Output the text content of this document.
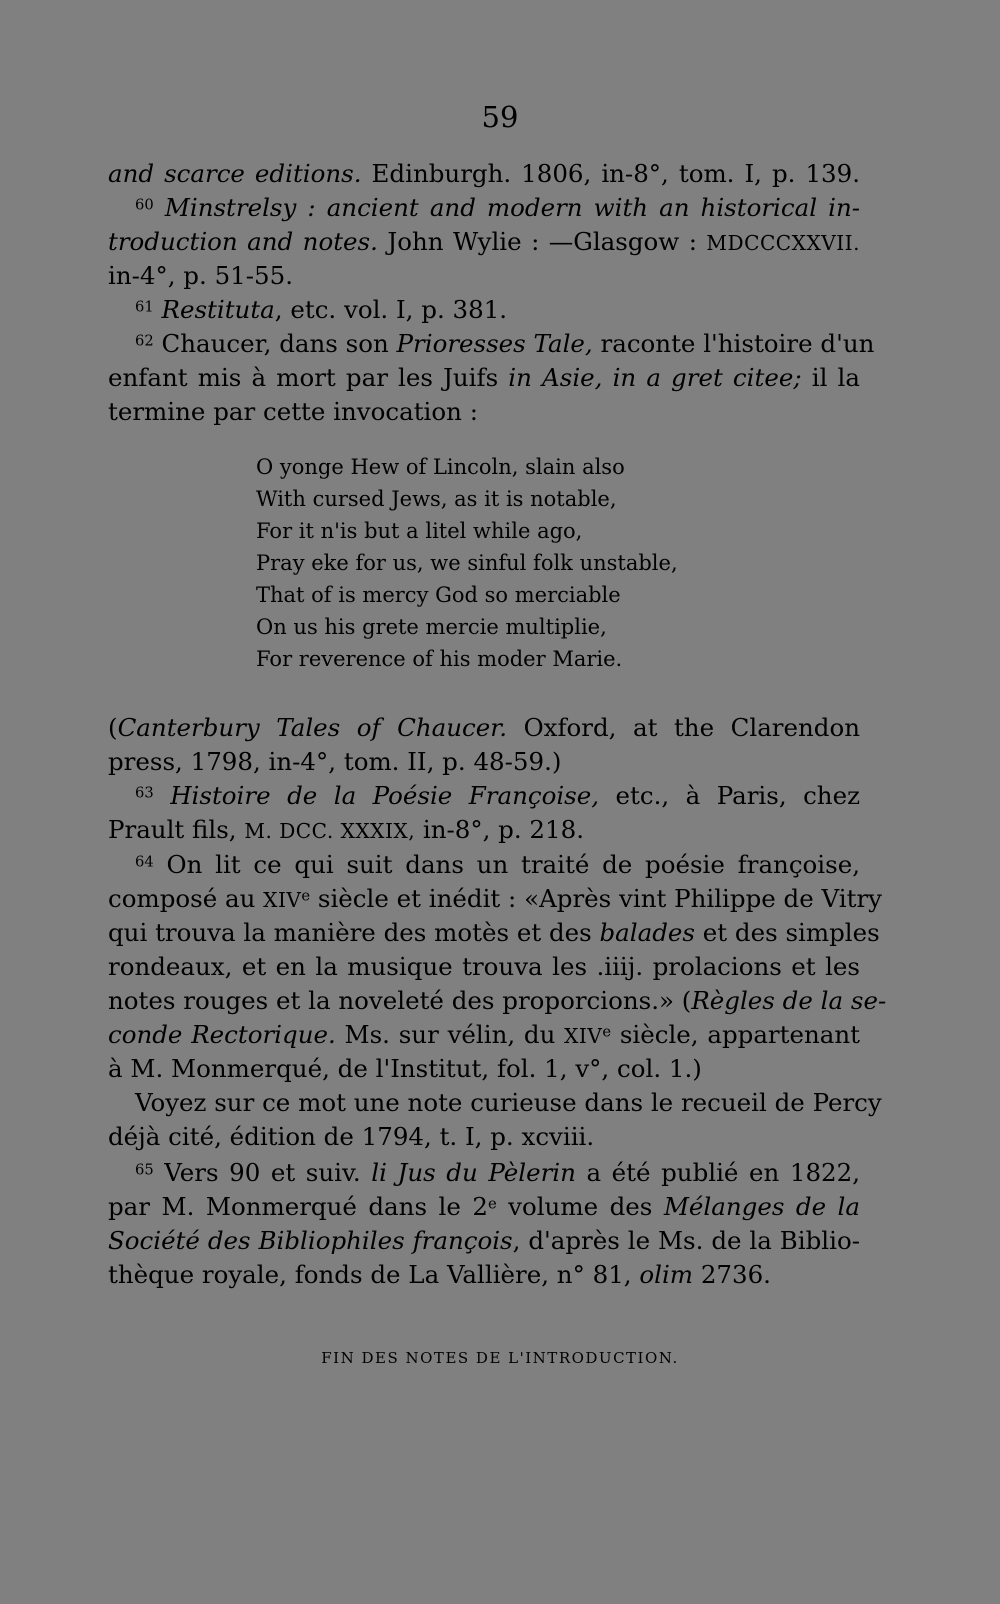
59
and scarce editions. Edinburgh. 1806, in-8°, tom. I, p. 139.
$^{60}$ Minstrelsy : ancient and modern with an historical in-
troduction and notes. John Wylie : —Glasgow : MDCCCXXVII.
in-4°, p. 51-55.
$^{61}$ Restituta, etc. vol. I, p. 381.
$^{62}$ Chaucer, dans son Prioresses Tale, raconte l'histoire d'un
enfant mis à mort par les Juifs in Asie, in a gret citee; il la
termine par cette invocation :
O yonge Hew of Lincoln, slain also
With cursed Jews, as it is notable,
For it n'is but a litel while ago,
Pray eke for us, we sinful folk unstable,
That of is mercy God so merciable
On us his grete mercie multiplie,
For reverence of his moder Marie.
(Canterbury Tales of Chaucer. Oxford, at the Clarendon
press, 1798, in-4°, tom. II, p. 48-59.)
$^{63}$ Histoire de la Poésie Françoise, etc., à Paris, chez
Prault fils, M. DCC. XXXIX, in-8°, p. 218.
$^{64}$ On lit ce qui suit dans un traité de poésie françoise,
composé au XIVe siècle et inédit : «Après vint Philippe de Vitry
qui trouva la manière des motès et des balades et des simples
rondeaux, et en la musique trouva les .iiij. prolacions et les
notes rouges et la noveleté des proporcions.» (Règles de la se-
conde Rectorique. Ms. sur vélin, du XIVe siècle, appartenant
à M. Monmerqué, de l'Institut, fol. 1, v°, col. 1.)
Voyez sur ce mot une note curieuse dans le recueil de Percy
déjà cité, édition de 1794, t. I, p. xcviii.
$^{65}$ Vers 90 et suiv. li Jus du Pèlerin a été publié en 1822,
par M. Monmerqué dans le 2e volume des Mélanges de la
Société des Bibliophiles françois, d'après le Ms. de la Biblio-
thèque royale, fonds de La Vallière, n° 81, olim 2736.
FIN DES NOTES DE L'INTRODUCTION.
